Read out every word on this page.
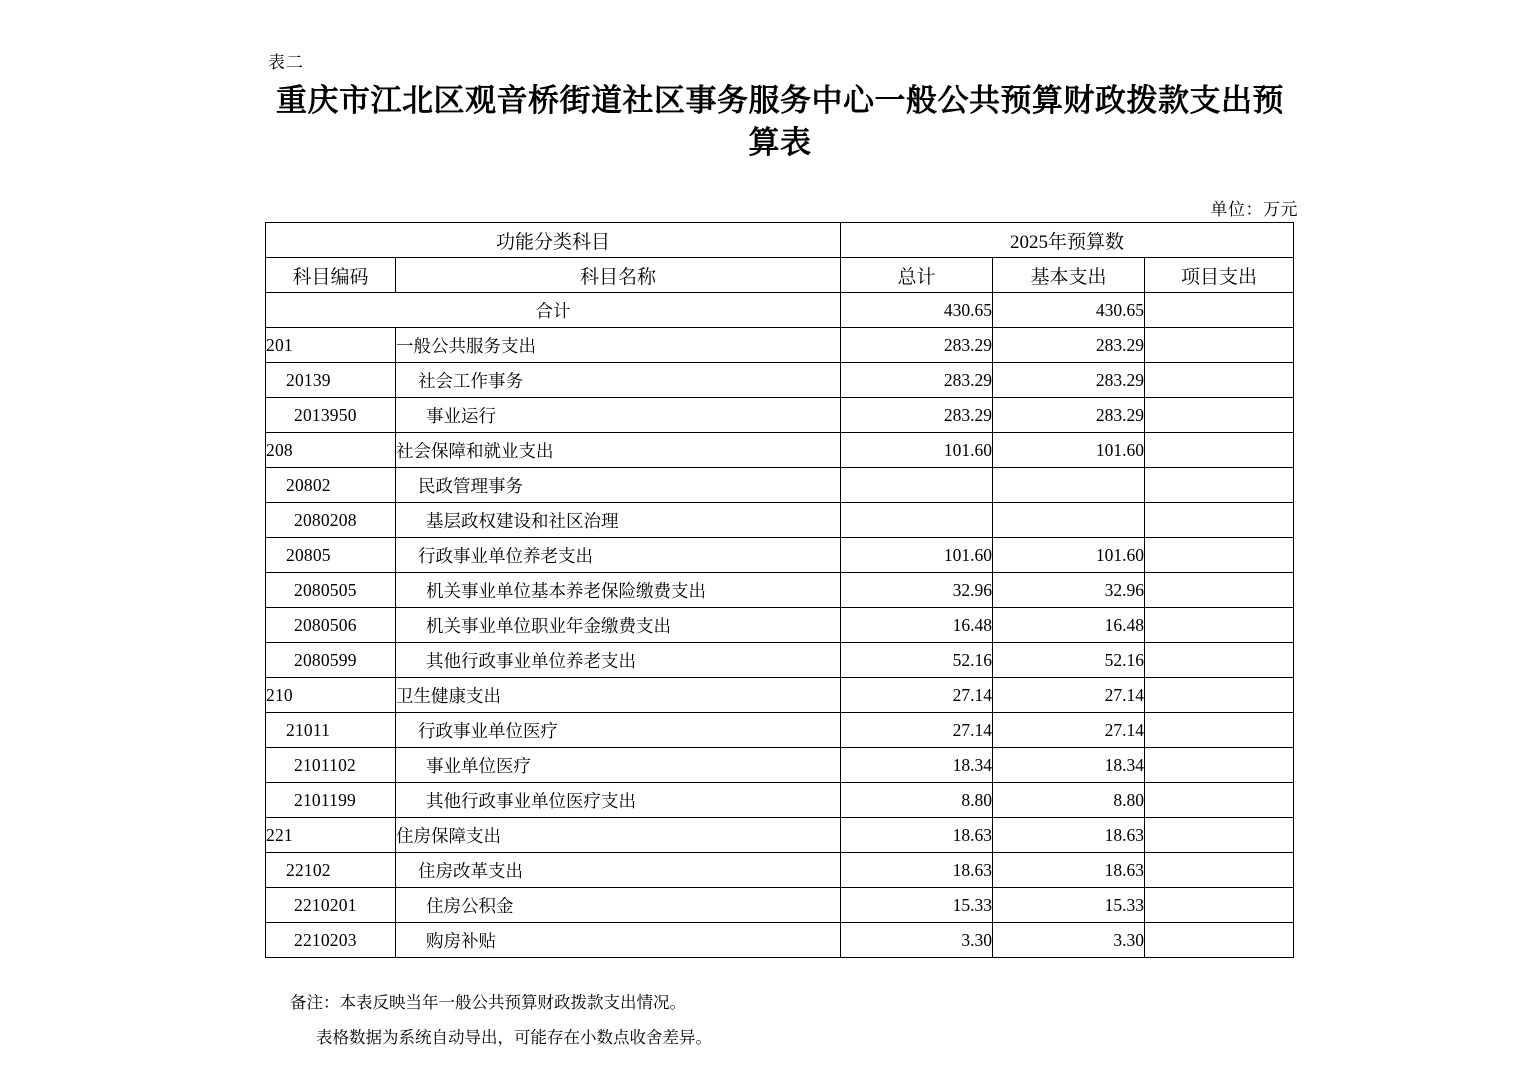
表二
重庆市江北区观音桥街道社区事务服务中心一般公共预算财政拨款支出预算表
单位：万元
功能分类科目		2025年预算数		
科目编码	科目名称	总计	基本支出	项目支出
合计		430.65	430.65	
201	一般公共服务支出	283.29	283.29	
20139	社会工作事务	283.29	283.29	
2013950	事业运行	283.29	283.29	
208	社会保障和就业支出	101.60	101.60	
20802	民政管理事务			
2080208	基层政权建设和社区治理			
20805	行政事业单位养老支出	101.60	101.60	
2080505	机关事业单位基本养老保险缴费支出	32.96	32.96	
2080506	机关事业单位职业年金缴费支出	16.48	16.48	
2080599	其他行政事业单位养老支出	52.16	52.16	
210	卫生健康支出	27.14	27.14	
21011	行政事业单位医疗	27.14	27.14	
2101102	事业单位医疗	18.34	18.34	
2101199	其他行政事业单位医疗支出	8.80	8.80	
221	住房保障支出	18.63	18.63	
22102	住房改革支出	18.63	18.63	
2210201	住房公积金	15.33	15.33	
2210203	购房补贴	3.30	3.30	
备注：本表反映当年一般公共预算财政拨款支出情况。
表格数据为系统自动导出，可能存在小数点收舍差异。
